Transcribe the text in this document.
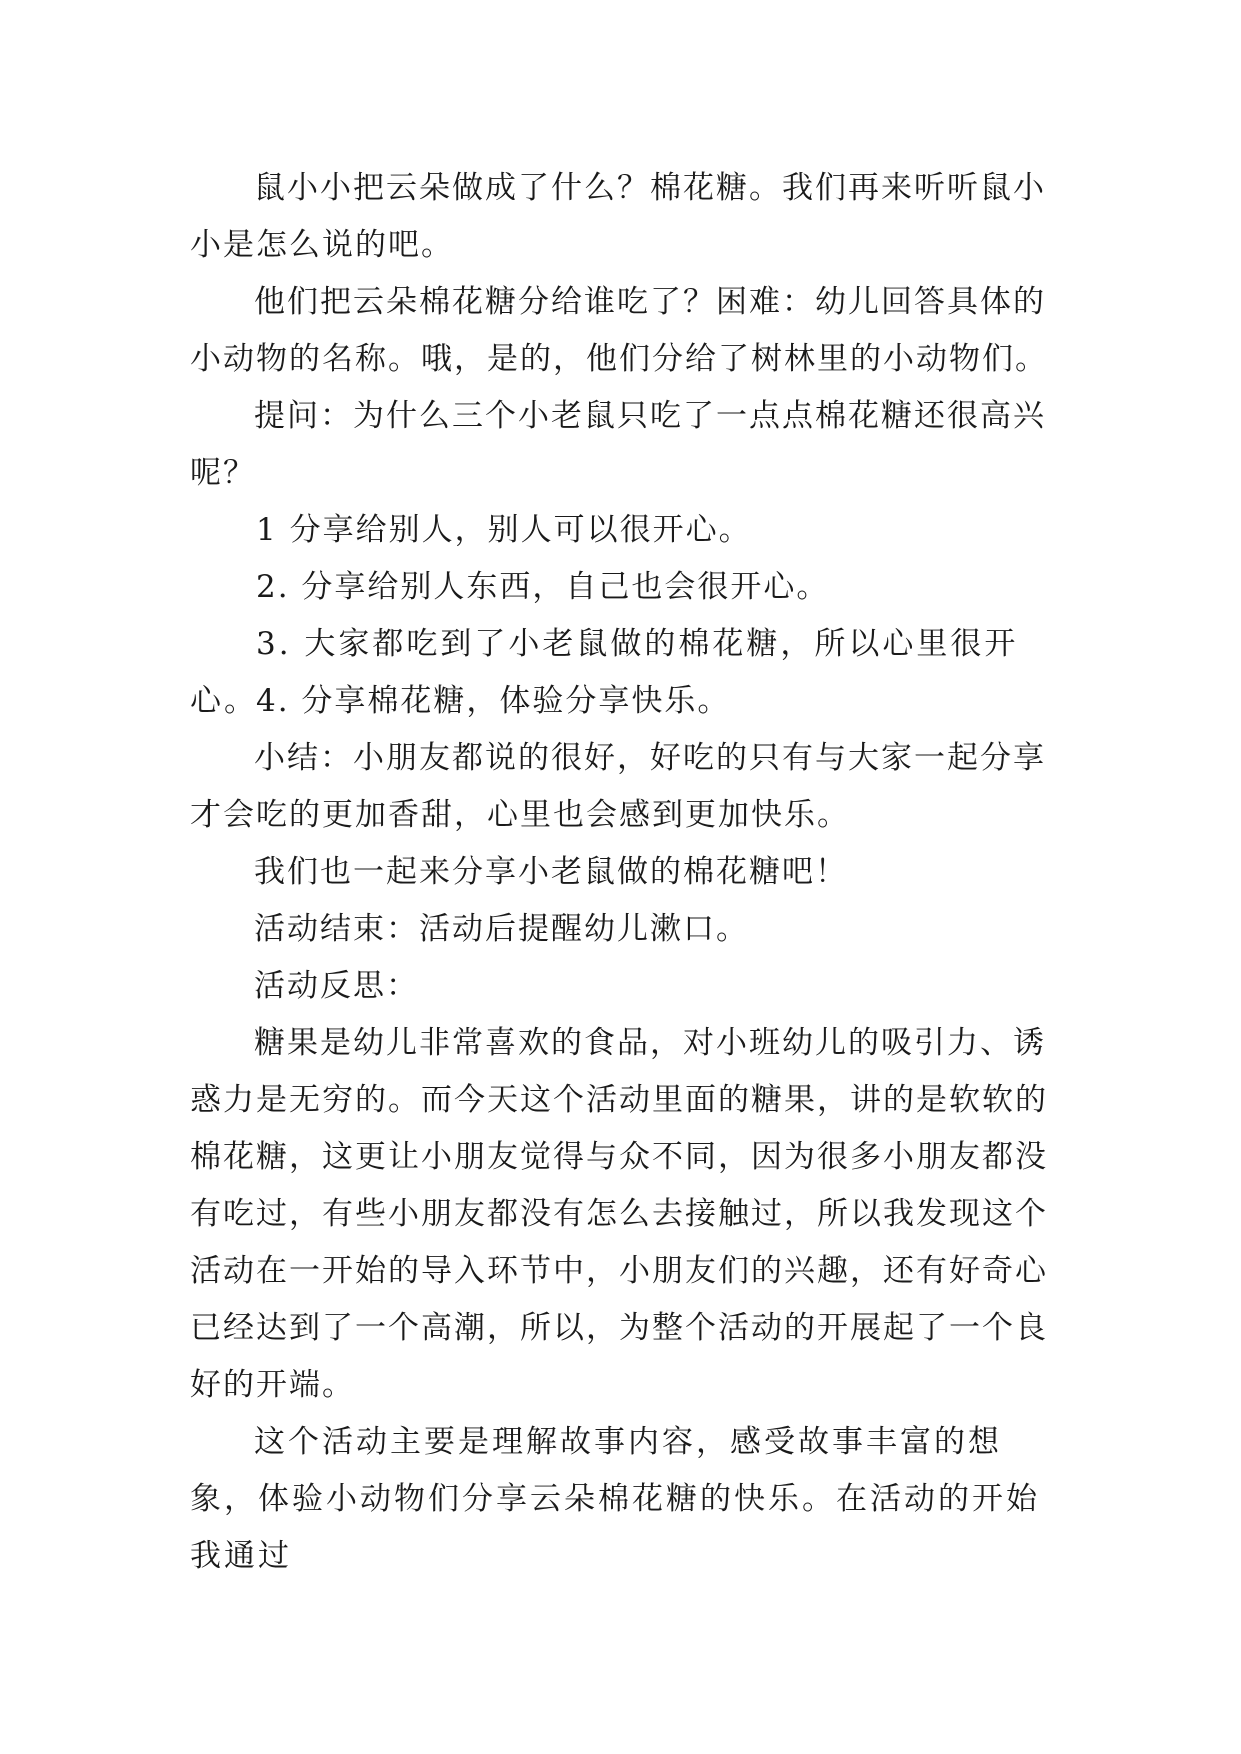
鼠小小把云朵做成了什么？棉花糖。我们再来听听鼠小小是怎么说的吧。

他们把云朵棉花糖分给谁吃了？困难：幼儿回答具体的小动物的名称。哦，是的，他们分给了树林里的小动物们。

提问：为什么三个小老鼠只吃了一点点棉花糖还很高兴呢？

1 分享给别人，别人可以很开心。

2. 分享给别人东西，自己也会很开心。

3. 大家都吃到了小老鼠做的棉花糖，所以心里很开心。

4. 分享棉花糖，体验分享快乐。

小结：小朋友都说的很好，好吃的只有与大家一起分享才会吃的更加香甜，心里也会感到更加快乐。

我们也一起来分享小老鼠做的棉花糖吧！

活动结束：活动后提醒幼儿漱口。

活动反思：

糖果是幼儿非常喜欢的食品，对小班幼儿的吸引力、诱惑力是无穷的。而今天这个活动里面的糖果，讲的是软软的棉花糖，这更让小朋友觉得与众不同，因为很多小朋友都没有吃过，有些小朋友都没有怎么去接触过，所以我发现这个活动在一开始的导入环节中，小朋友们的兴趣，还有好奇心已经达到了一个高潮，所以，为整个活动的开展起了一个良好的开端。

这个活动主要是理解故事内容，感受故事丰富的想象，体验小动物们分享云朵棉花糖的快乐。在活动的开始我通过
